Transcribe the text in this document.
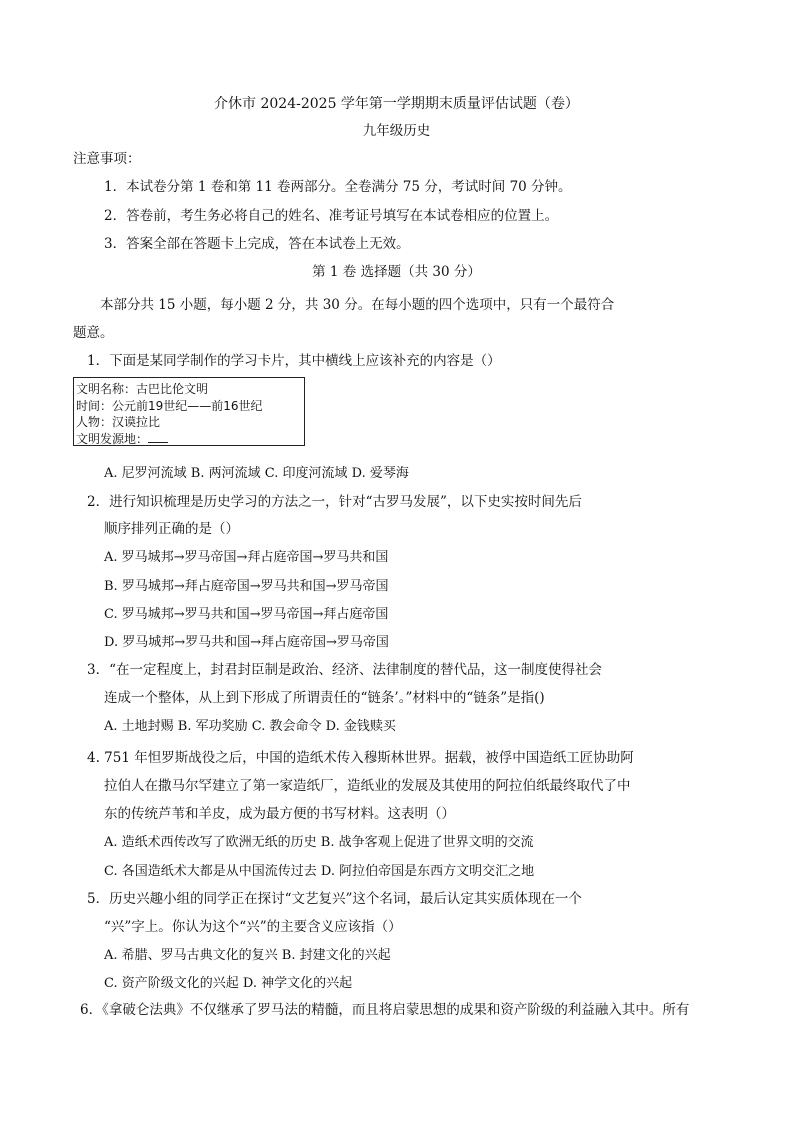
介休市 2024-2025 学年第一学期期末质量评估试题（卷）
九年级历史
注意事项：
1．本试卷分第 1 卷和第 11 卷两部分。全卷满分 75 分，考试时间 70 分钟。
2．答卷前，考生务必将自己的姓名、准考证号填写在本试卷相应的位置上。
3．答案全部在答题卡上完成，答在本试卷上无效。
第 1 卷 选择题（共 30 分）
本部分共 15 小题，每小题 2 分，共 30 分。在每小题的四个选项中，只有一个最符合
题意。
1．下面是某同学制作的学习卡片，其中横线上应该补充的内容是（）
文明名称：古巴比伦文明
时间：公元前19世纪——前16世纪
人物：汉谟拉比
文明发源地：
A. 尼罗河流域 B. 两河流域 C. 印度河流域 D. 爱琴海
2．进行知识梳理是历史学习的方法之一，针对“古罗马发展”，以下史实按时间先后
顺序排列正确的是（）
A. 罗马城邦→罗马帝国→拜占庭帝国→罗马共和国
B. 罗马城邦→拜占庭帝国→罗马共和国→罗马帝国
C. 罗马城邦→罗马共和国→罗马帝国→拜占庭帝国
D. 罗马城邦→罗马共和国→拜占庭帝国→罗马帝国
3．“在一定程度上，封君封臣制是政治、经济、法律制度的替代品，这一制度使得社会
连成一个整体，从上到下形成了所谓责任的“链条’。”材料中的“链条”是指()
A. 土地封赐 B. 军功奖励 C. 教会命令 D. 金钱赎买
4. 751 年怛罗斯战役之后，中国的造纸术传入穆斯林世界。据载，被俘中国造纸工匠协助阿
拉伯人在撒马尔罕建立了第一家造纸厂，造纸业的发展及其使用的阿拉伯纸最终取代了中
东的传统芦苇和羊皮，成为最方便的书写材料。这表明（）
A. 造纸术西传改写了欧洲无纸的历史 B. 战争客观上促进了世界文明的交流
C. 各国造纸术大都是从中国流传过去 D. 阿拉伯帝国是东西方文明交汇之地
5．历史兴趣小组的同学正在探讨“文艺复兴”这个名词，最后认定其实质体现在一个
“兴”字上。你认为这个“兴”的主要含义应该指（）
A. 希腊、罗马古典文化的复兴 B. 封建文化的兴起
C. 资产阶级文化的兴起 D. 神学文化的兴起
6．《拿破仑法典》不仅继承了罗马法的精髓，而且将启蒙思想的成果和资产阶级的利益融入其中。所有
